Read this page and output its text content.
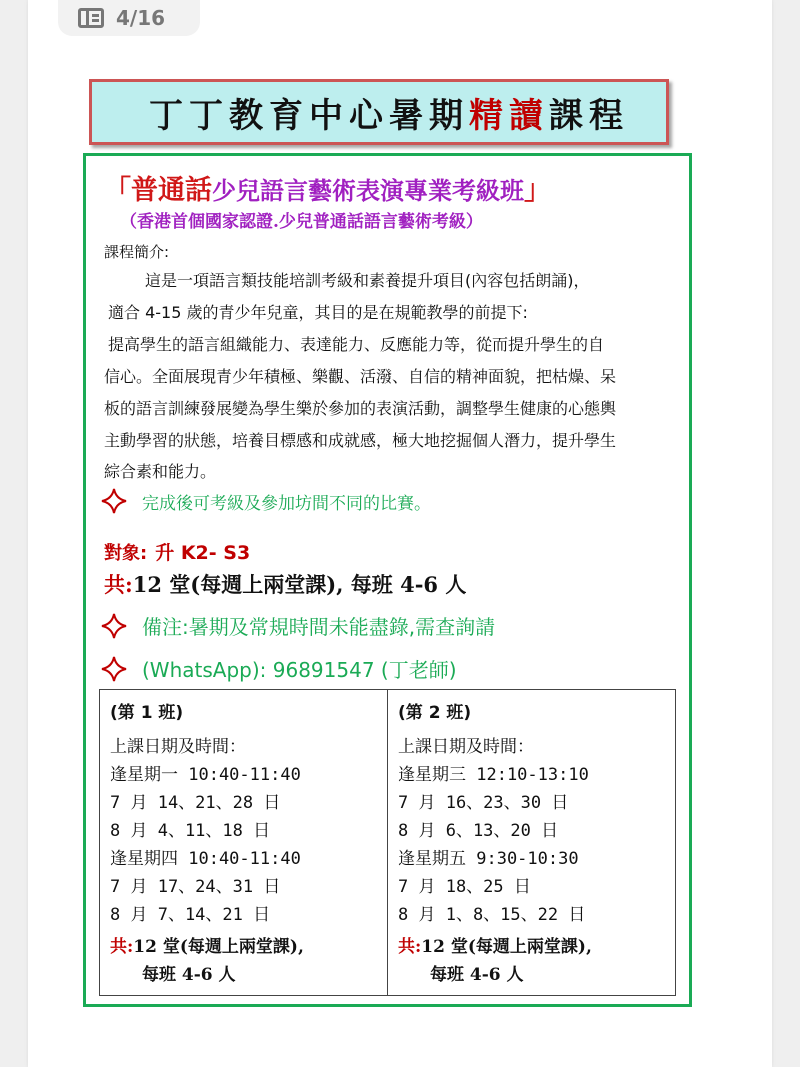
4/16
丁丁教育中心暑期精讀課程
「普通話少兒語言藝術表演專業考級班」
（香港首個國家認證.少兒普通話語言藝術考級）
課程簡介:
這是一項語言類技能培訓考級和素養提升項目(內容包括朗誦)，
適合 4-15 歲的青少年兒童，其目的是在規範教學的前提下:
提高學生的語言組織能力、表達能力、反應能力等，從而提升學生的自
信心。全面展現青少年積極、樂觀、活潑、自信的精神面貌，把枯燥、呆
板的語言訓練發展變為學生樂於參加的表演活動，調整學生健康的心態輿
主動學習的狀態，培養目標感和成就感，極大地挖掘個人潛力，提升學生
綜合素和能力。
完成後可考級及參加坊間不同的比賽。
對象: 升 K2- S3
共:12 堂(每週上兩堂課), 每班 4-6 人
備注:暑期及常規時間未能盡錄,需查詢請
(WhatsApp): 96891547 (丁老師)
(第 1 班)
上課日期及時間：
逢星期一 10:40-11:40
7 月 14、21、28 日
8 月 4、11、18 日
逢星期四 10:40-11:40
7 月 17、24、31 日
8 月 7、14、21 日
共:12 堂(每週上兩堂課),
每班 4-6 人
(第 2 班)
上課日期及時間：
逢星期三 12:10-13:10
7 月 16、23、30 日
8 月 6、13、20 日
逢星期五 9:30-10:30
7 月 18、25 日
8 月 1、8、15、22 日
共:12 堂(每週上兩堂課),
每班 4-6 人
